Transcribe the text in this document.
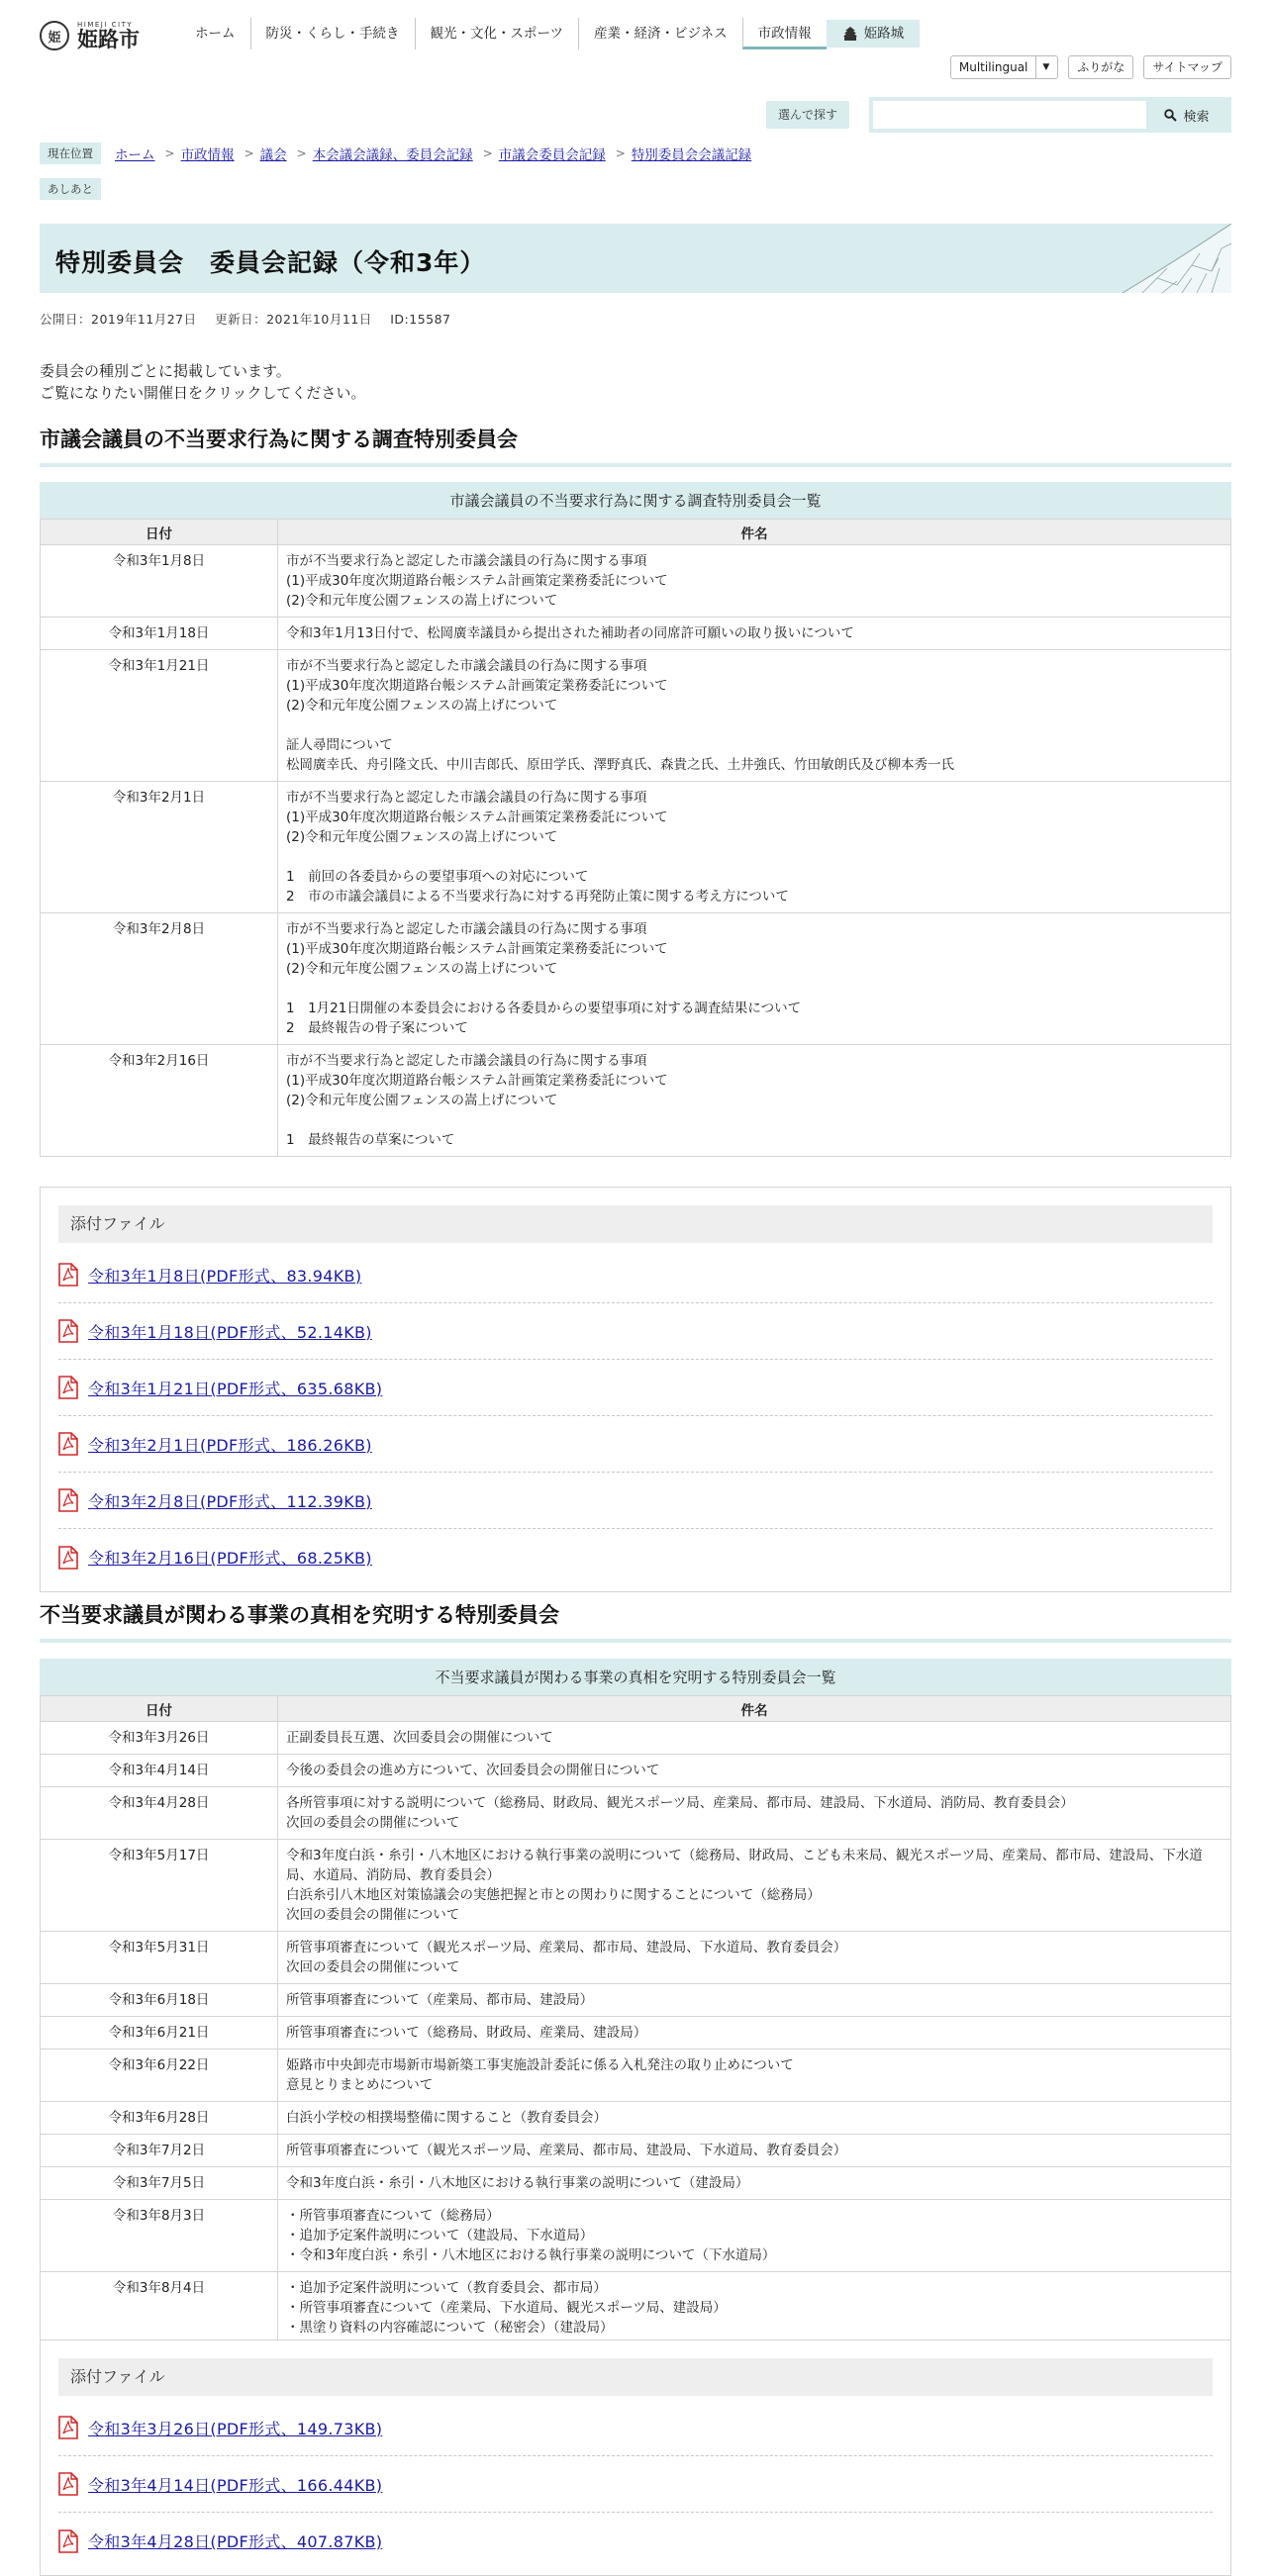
姫
HIMEJI CITY
姫路市	ホーム	防災・くらし・手続き	観光・文化・スポーツ	産業・経済・ビジネス	市政情報	姫路城
Multilingual	▼	ふりがな	サイトマップ
選んで探す	検索
現在位置	ホーム > 市政情報 > 議会 > 本会議会議録、委員会記録 > 市議会委員会記録 > 特別委員会会議記録
あしあと
特別委員会　委員会記録（令和3年）
公開日：2019年11月27日 更新日：2021年10月11日 ID:15587
委員会の種別ごとに掲載しています。
ご覧になりたい開催日をクリックしてください。
市議会議員の不当要求行為に関する調査特別委員会
市議会議員の不当要求行為に関する調査特別委員会一覧
日付	件名
令和3年1月8日	市が不当要求行為と認定した市議会議員の行為に関する事項
(1)平成30年度次期道路台帳システム計画策定業務委託について
(2)令和元年度公園フェンスの嵩上げについて

令和3年1月18日	令和3年1月13日付で、松岡廣幸議員から提出された補助者の同席許可願いの取り扱いについて

令和3年1月21日	市が不当要求行為と認定した市議会議員の行為に関する事項
(1)平成30年度次期道路台帳システム計画策定業務委託について
(2)令和元年度公園フェンスの嵩上げについて
証人尋問について
松岡廣幸氏、舟引隆文氏、中川吉郎氏、原田学氏、澤野真氏、森貴之氏、土井強氏、竹田敏朗氏及び柳本秀一氏

令和3年2月1日	市が不当要求行為と認定した市議会議員の行為に関する事項
(1)平成30年度次期道路台帳システム計画策定業務委託について
(2)令和元年度公園フェンスの嵩上げについて
1　前回の各委員からの要望事項への対応について
2　市の市議会議員による不当要求行為に対する再発防止策に関する考え方について

令和3年2月8日	市が不当要求行為と認定した市議会議員の行為に関する事項
(1)平成30年度次期道路台帳システム計画策定業務委託について
(2)令和元年度公園フェンスの嵩上げについて
1　1月21日開催の本委員会における各委員からの要望事項に対する調査結果について
2　最終報告の骨子案について

令和3年2月16日	市が不当要求行為と認定した市議会議員の行為に関する事項
(1)平成30年度次期道路台帳システム計画策定業務委託について
(2)令和元年度公園フェンスの嵩上げについて
1　最終報告の草案について
添付ファイル
令和3年1月8日(PDF形式、83.94KB)
令和3年1月18日(PDF形式、52.14KB)
令和3年1月21日(PDF形式、635.68KB)
令和3年2月1日(PDF形式、186.26KB)
令和3年2月8日(PDF形式、112.39KB)
令和3年2月16日(PDF形式、68.25KB)
不当要求議員が関わる事業の真相を究明する特別委員会
不当要求議員が関わる事業の真相を究明する特別委員会一覧
日付	件名
令和3年3月26日	正副委員長互選、次回委員会の開催について

令和3年4月14日	今後の委員会の進め方について、次回委員会の開催日について

令和3年4月28日	各所管事項に対する説明について（総務局、財政局、観光スポーツ局、産業局、都市局、建設局、下水道局、消防局、教育委員会）
次回の委員会の開催について

令和3年5月17日	令和3年度白浜・糸引・八木地区における執行事業の説明について（総務局、財政局、こども未来局、観光スポーツ局、産業局、都市局、建設局、下水道局、水道局、消防局、教育委員会）
白浜糸引八木地区対策協議会の実態把握と市との関わりに関することについて（総務局）
次回の委員会の開催について

令和3年5月31日	所管事項審査について（観光スポーツ局、産業局、都市局、建設局、下水道局、教育委員会）
次回の委員会の開催について

令和3年6月18日	所管事項審査について（産業局、都市局、建設局）

令和3年6月21日	所管事項審査について（総務局、財政局、産業局、建設局）

令和3年6月22日	姫路市中央卸売市場新市場新築工事実施設計委託に係る入札発注の取り止めについて
意見とりまとめについて

令和3年6月28日	白浜小学校の相撲場整備に関すること（教育委員会）

令和3年7月2日	所管事項審査について（観光スポーツ局、産業局、都市局、建設局、下水道局、教育委員会）

令和3年7月5日	令和3年度白浜・糸引・八木地区における執行事業の説明について（建設局）

令和3年8月3日	・所管事項審査について（総務局）
・追加予定案件説明について（建設局、下水道局）
・令和3年度白浜・糸引・八木地区における執行事業の説明について（下水道局）

令和3年8月4日	・追加予定案件説明について（教育委員会、都市局）
・所管事項審査について（産業局、下水道局、観光スポーツ局、建設局）
・黒塗り資料の内容確認について（秘密会）（建設局）

添付ファイル
令和3年3月26日(PDF形式、149.73KB)
令和3年4月14日(PDF形式、166.44KB)
令和3年4月28日(PDF形式、407.87KB)
